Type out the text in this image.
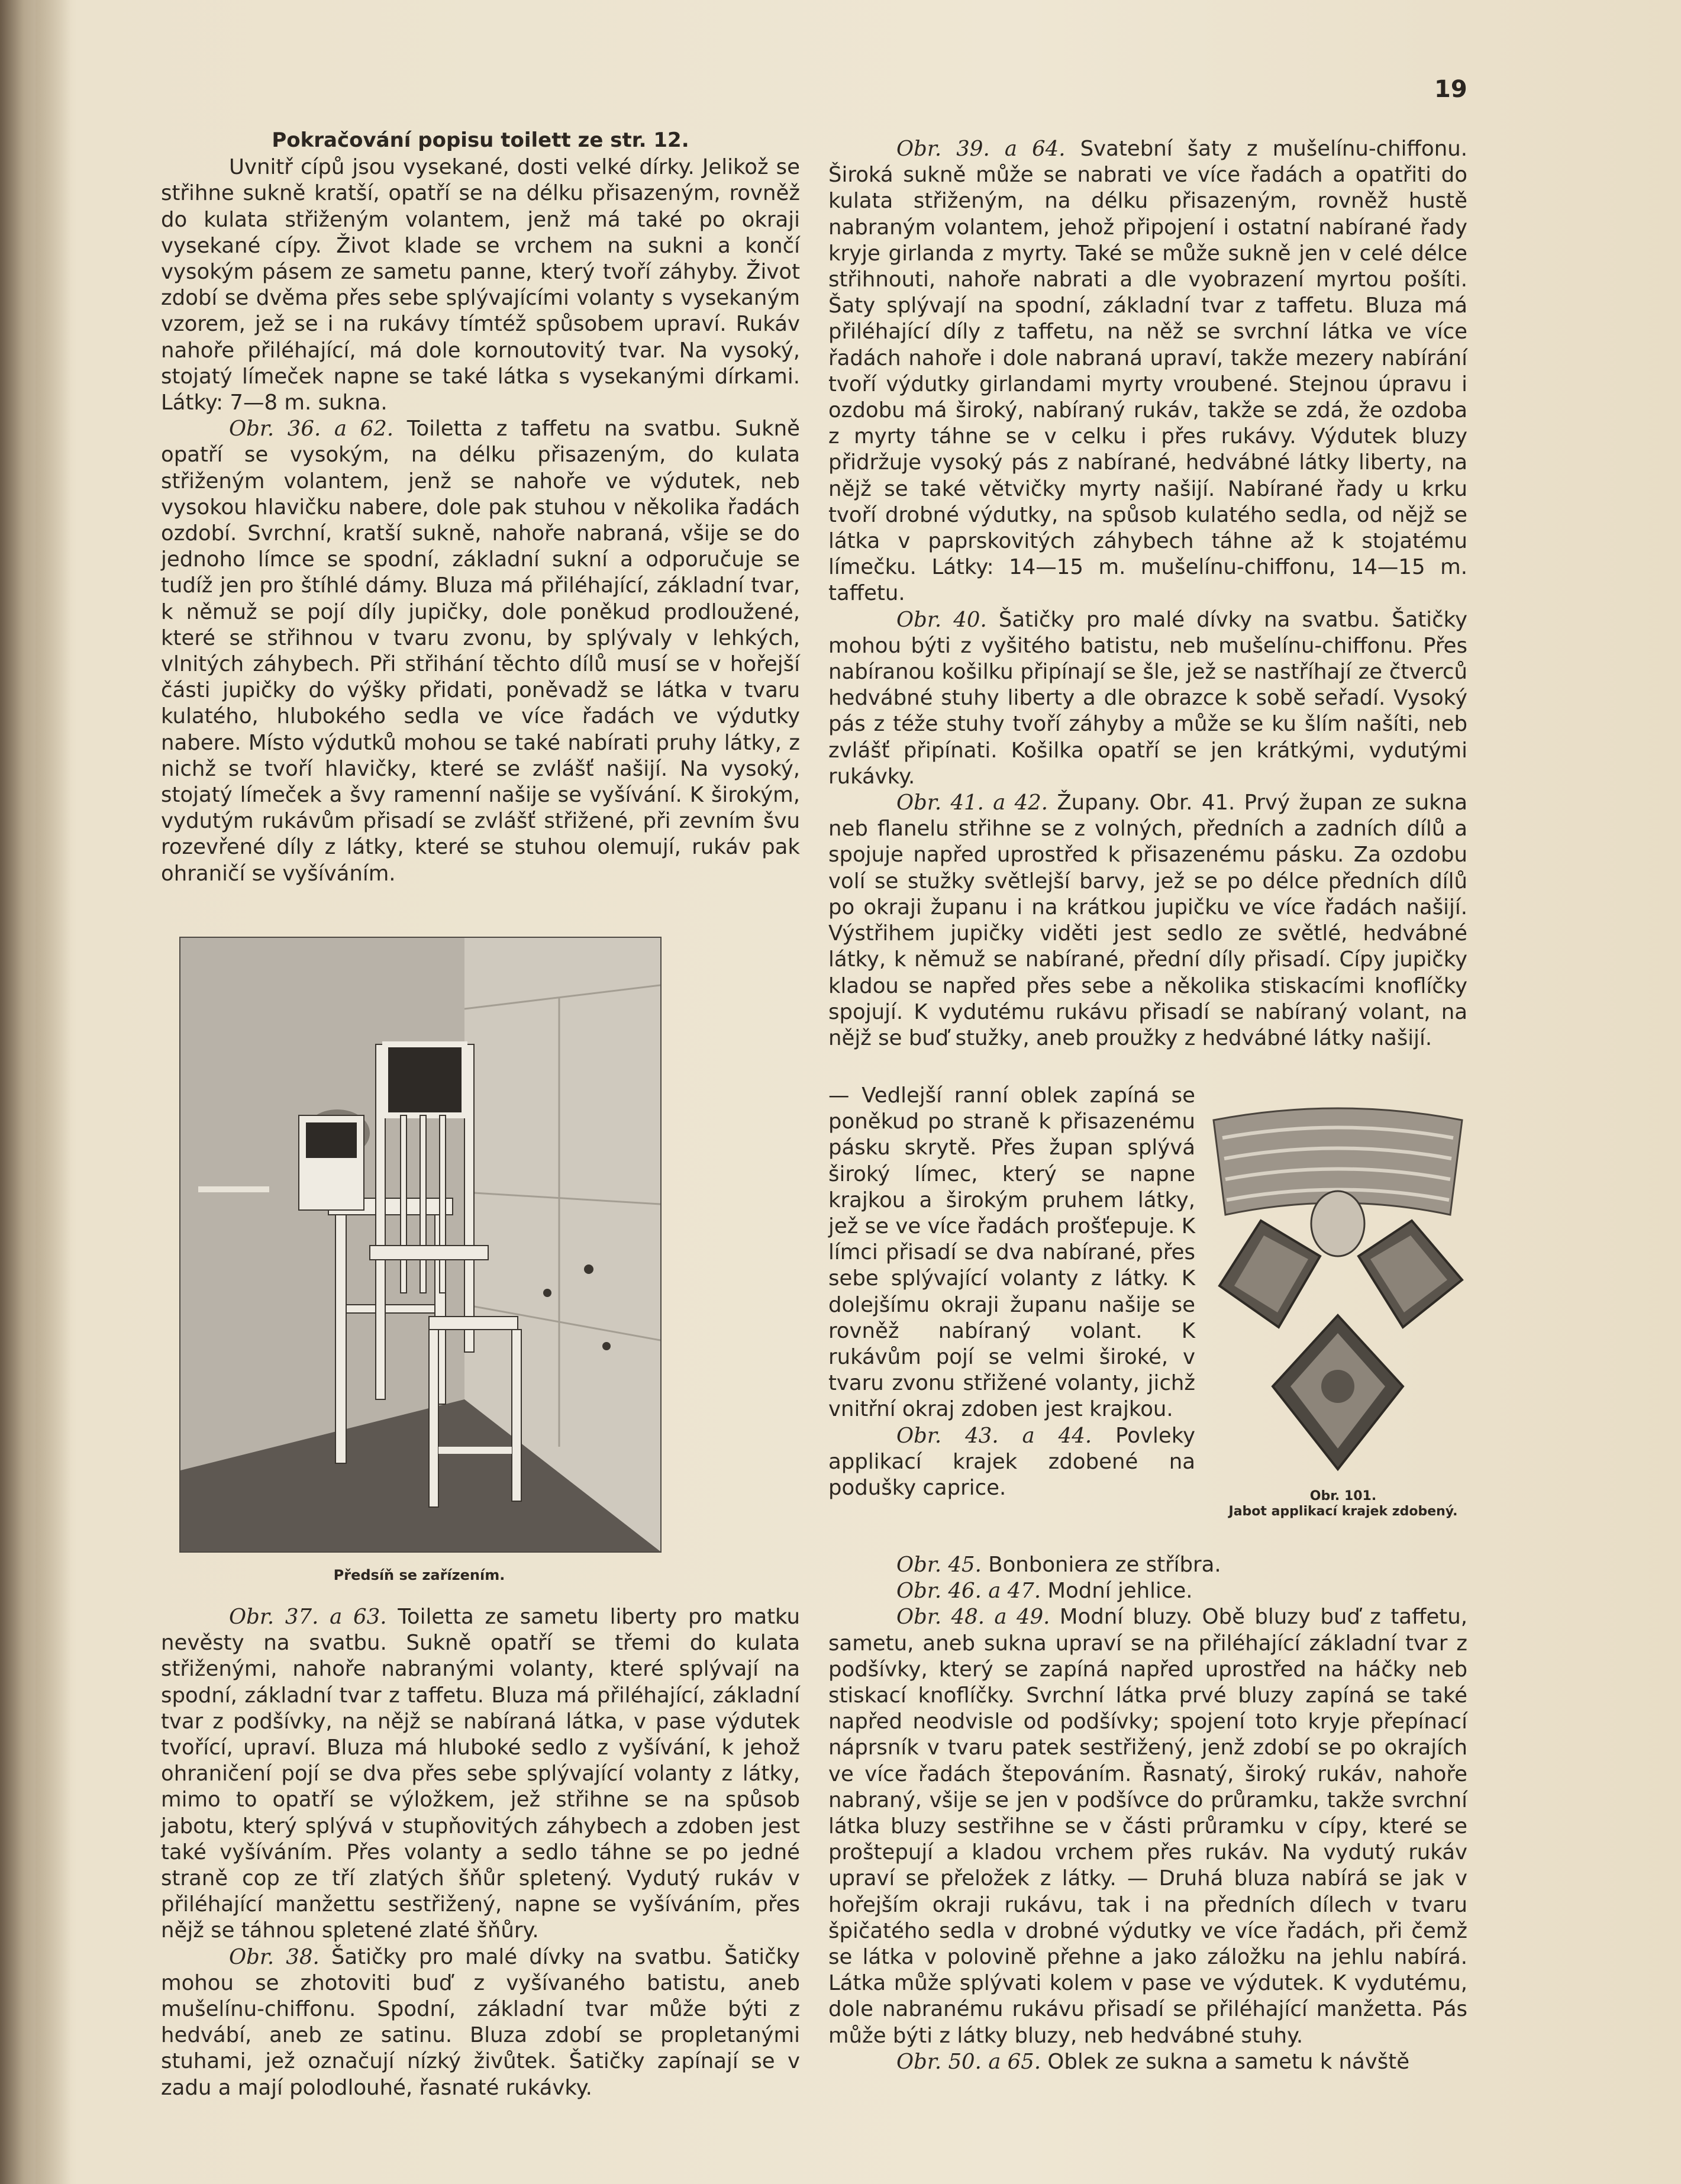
19

Pokračování popisu toilett ze str. 12.

Uvnitř cípů jsou vysekané, dosti velké dírky. Jelikož se střihne sukně kratší, opatří se na délku přisazeným, rovněž do kulata střiženým volantem, jenž má také po okraji vysekané cípy. Život klade se vrchem na sukni a končí vysokým pásem ze sametu panne, který tvoří záhyby. Život zdobí se dvěma přes sebe splývajícími volanty s vysekaným vzorem, jež se i na rukávy tímtéž spůsobem upraví. Rukáv nahoře přiléhající, má dole kornoutovitý tvar. Na vysoký, stojatý límeček napne se také látka s vysekanými dírkami. Látky: 7—8 m. sukna.

Obr. 36. a 62. Toiletta z taffetu na svatbu. Sukně opatří se vysokým, na délku přisazeným, do kulata střiženým volantem, jenž se nahoře ve výdutek, neb vysokou hlavičku nabere, dole pak stuhou v několika řadách ozdobí. Svrchní, kratší sukně, nahoře nabraná, všije se do jednoho límce se spodní, základní sukní a odporučuje se tudíž jen pro štíhlé dámy. Bluza má přiléhající, základní tvar, k němuž se pojí díly jupičky, dole poněkud prodloužené, které se střihnou v tvaru zvonu, by splývaly v lehkých, vlnitých záhybech. Při střihání těchto dílů musí se v hořejší části jupičky do výšky přidati, poněvadž se látka v tvaru kulatého, hlubokého sedla ve více řadách ve výdutky nabere. Místo výdutků mohou se také nabírati pruhy látky, z nichž se tvoří hlavičky, které se zvlášť našijí. Na vysoký, stojatý límeček a švy ramenní našije se vyšívání. K širokým, vydutým rukávům přisadí se zvlášť střižené, při zevním švu rozevřené díly z látky, které se stuhou olemují, rukáv pak ohraničí se vyšíváním.

Předsíň se zařízením.

Obr. 37. a 63. Toiletta ze sametu liberty pro matku nevěsty na svatbu. Sukně opatří se třemi do kulata střiženými, nahoře nabranými volanty, které splývají na spodní, základní tvar z taffetu. Bluza má přiléhající, základní tvar z podšívky, na nějž se nabíraná látka, v pase výdutek tvořící, upraví. Bluza má hluboké sedlo z vyšívání, k jehož ohraničení pojí se dva přes sebe splývající volanty z látky, mimo to opatří se výložkem, jež střihne se na spůsob jabotu, který splývá v stupňovitých záhybech a zdoben jest také vyšíváním. Přes volanty a sedlo táhne se po jedné straně cop ze tří zlatých šňůr spletený. Vydutý rukáv v přiléhající manžettu sestřižený, napne se vyšíváním, přes nějž se táhnou spletené zlaté šňůry.

Obr. 38. Šatičky pro malé dívky na svatbu. Šatičky mohou se zhotoviti buď z vyšívaného batistu, aneb mušelínu-chiffonu. Spodní, základní tvar může býti z hedvábí, aneb ze satinu. Bluza zdobí se propletanými stuhami, jež označují nízký živůtek. Šatičky zapínají se v zadu a mají polodlouhé, řasnaté rukávky.

Obr. 39. a 64. Svatební šaty z mušelínu-chiffonu. Široká sukně může se nabrati ve více řadách a opatřiti do kulata střiženým, na délku přisazeným, rovněž hustě nabraným volantem, jehož připojení i ostatní nabírané řady kryje girlanda z myrty. Také se může sukně jen v celé délce střihnouti, nahoře nabrati a dle vyobrazení myrtou pošíti. Šaty splývají na spodní, základní tvar z taffetu. Bluza má přiléhající díly z taffetu, na něž se svrchní látka ve více řadách nahoře i dole nabraná upraví, takže mezery nabírání tvoří výdutky girlandami myrty vroubené. Stejnou úpravu i ozdobu má široký, nabíraný rukáv, takže se zdá, že ozdoba z myrty táhne se v celku i přes rukávy. Výdutek bluzy přidržuje vysoký pás z nabírané, hedvábné látky liberty, na nějž se také větvičky myrty našijí. Nabírané řady u krku tvoří drobné výdutky, na spůsob kulatého sedla, od nějž se látka v paprskovitých záhybech táhne až k stojatému límečku. Látky: 14—15 m. mušelínu-chiffonu, 14—15 m. taffetu.

Obr. 40. Šatičky pro malé dívky na svatbu. Šatičky mohou býti z vyšitého batistu, neb mušelínu-chiffonu. Přes nabíranou košilku připínají se šle, jež se nastříhají ze čtverců hedvábné stuhy liberty a dle obrazce k sobě seřadí. Vysoký pás z téže stuhy tvoří záhyby a může se ku šlím našíti, neb zvlášť připínati. Košilka opatří se jen krátkými, vydutými rukávky.

Obr. 41. a 42. Župany. Obr. 41. Prvý župan ze sukna neb flanelu střihne se z volných, předních a zadních dílů a spojuje napřed uprostřed k přisazenému pásku. Za ozdobu volí se stužky světlejší barvy, jež se po délce předních dílů po okraji županu i na krátkou jupičku ve více řadách našijí. Výstřihem jupičky viděti jest sedlo ze světlé, hedvábné látky, k němuž se nabírané, přední díly přisadí. Cípy jupičky kladou se napřed přes sebe a několika stiskacími knoflíčky spojují. K vydutému rukávu přisadí se nabíraný volant, na nějž se buď stužky, aneb proužky z hedvábné látky našijí.

— Vedlejší ranní oblek zapíná se poněkud po straně k přisazenému pásku skrytě. Přes župan splývá široký límec, který se napne krajkou a širokým pruhem látky, jež se ve více řadách prošťepuje. K límci přisadí se dva nabírané, přes sebe splývající volanty z látky. K dolejšímu okraji županu našije se rovněž nabíraný volant. K rukávům pojí se velmi široké, v tvaru zvonu střižené volanty, jichž vnitřní okraj zdoben jest krajkou.

Obr. 43. a 44. Povleky applikací krajek zdobené na podušky caprice.	Obr. 101.
Jabot applikací krajek zdobený.

Obr. 45. Bonboniera ze stříbra.

Obr. 46. a 47. Modní jehlice.

Obr. 48. a 49. Modní bluzy. Obě bluzy buď z taffetu, sametu, aneb sukna upraví se na přiléhající základní tvar z podšívky, který se zapíná napřed uprostřed na háčky neb stiskací knoflíčky. Svrchní látka prvé bluzy zapíná se také napřed neodvisle od podšívky; spojení toto kryje přepínací náprsník v tvaru patek sestřižený, jenž zdobí se po okrajích ve více řadách štepováním. Řasnatý, široký rukáv, nahoře nabraný, všije se jen v podšívce do průramku, takže svrchní látka bluzy sestřihne se v části průramku v cípy, které se proštepují a kladou vrchem přes rukáv. Na vydutý rukáv upraví se přeložek z látky. — Druhá bluza nabírá se jak v hořejším okraji rukávu, tak i na předních dílech v tvaru špičatého sedla v drobné výdutky ve více řadách, při čemž se látka v polovině přehne a jako záložku na jehlu nabírá. Látka může splývati kolem v pase ve výdutek. K vydutému, dole nabranému rukávu přisadí se přiléhající manžetta. Pás může býti z látky bluzy, neb hedvábné stuhy.

Obr. 50. a 65. Oblek ze sukna a sametu k návště
